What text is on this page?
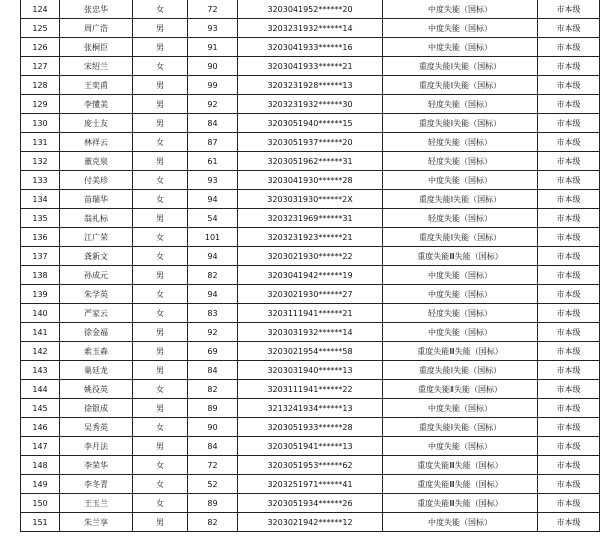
124	张忠华	女	72	3203041952******20	中度失能（国标）	市本级
125	周广浩	男	93	3203231932******14	中度失能（国标）	市本级
126	张桐臣	男	91	3203041933******16	中度失能（国标）	市本级
127	宋绍兰	女	90	3203041933******21	重度失能Ⅰ失能（国标）	市本级
128	王奕甫	男	99	3203231928******13	重度失能Ⅰ失能（国标）	市本级
129	李懂美	男	92	3203231932******30	轻度失能（国标）	市本级
130	庞士友	男	84	3203051940******15	重度失能Ⅰ失能（国标）	市本级
131	林祥云	女	87	3203051937******20	轻度失能（国标）	市本级
132	董克泉	男	61	3203051962******31	轻度失能（国标）	市本级
133	付美珍	女	93	3203041930******28	中度失能（国标）	市本级
134	苗瑞华	女	94	3203031930******2X	重度失能Ⅰ失能（国标）	市本级
135	翁礼标	男	54	3203231969******31	轻度失能（国标）	市本级
136	江广荣	女	101	3203231923******21	重度失能Ⅰ失能（国标）	市本级
137	龚新文	女	94	3203021930******22	重度失能Ⅲ失能（国标）	市本级
138	孙成元	男	82	3203041942******19	中度失能（国标）	市本级
139	朱学英	女	94	3203021930******27	中度失能（国标）	市本级
140	严家云	女	83	3203111941******21	轻度失能（国标）	市本级
141	徐金福	男	92	3203031932******14	中度失能（国标）	市本级
142	索玉森	男	69	3203021954******58	重度失能Ⅲ失能（国标）	市本级
143	巢廷龙	男	84	3203031940******13	重度失能Ⅰ失能（国标）	市本级
144	姚役英	女	82	3203111941******22	重度失能Ⅱ失能（国标）	市本级
145	徐银成	男	89	3213241934******13	中度失能（国标）	市本级
146	吴秀英	女	90	3203051933******28	重度失能Ⅰ失能（国标）	市本级
147	李月法	男	84	3203051941******13	中度失能（国标）	市本级
148	李荣华	女	72	3203051953******62	重度失能Ⅲ失能（国标）	市本级
149	李冬青	女	52	3203251971******41	重度失能Ⅲ失能（国标）	市本级
150	王玉兰	女	89	3203051934******26	重度失能Ⅲ失能（国标）	市本级
151	朱兰享	男	82	3203021942******12	中度失能（国标）	市本级
